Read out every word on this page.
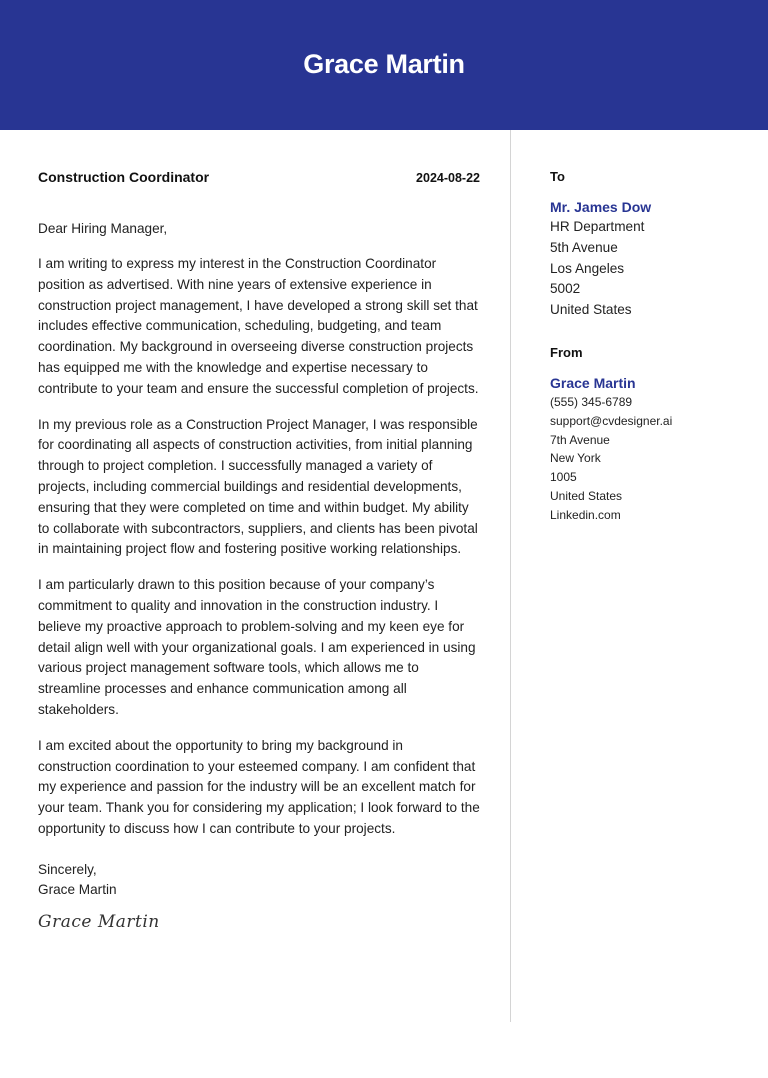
Grace Martin
Construction Coordinator	2024-08-22
Dear Hiring Manager,

I am writing to express my interest in the Construction Coordinator position as advertised. With nine years of extensive experience in construction project management, I have developed a strong skill set that includes effective communication, scheduling, budgeting, and team coordination. My background in overseeing diverse construction projects has equipped me with the knowledge and expertise necessary to contribute to your team and ensure the successful completion of projects.

In my previous role as a Construction Project Manager, I was responsible for coordinating all aspects of construction activities, from initial planning through to project completion. I successfully managed a variety of projects, including commercial buildings and residential developments, ensuring that they were completed on time and within budget. My ability to collaborate with subcontractors, suppliers, and clients has been pivotal in maintaining project flow and fostering positive working relationships.

I am particularly drawn to this position because of your company’s commitment to quality and innovation in the construction industry. I believe my proactive approach to problem-solving and my keen eye for detail align well with your organizational goals. I am experienced in using various project management software tools, which allows me to streamline processes and enhance communication among all stakeholders.

I am excited about the opportunity to bring my background in construction coordination to your esteemed company. I am confident that my experience and passion for the industry will be an excellent match for your team. Thank you for considering my application; I look forward to the opportunity to discuss how I can contribute to your projects.

Sincerely,
Grace Martin
Grace Martin
To
Mr. James Dow
HR Department
5th Avenue
Los Angeles
5002
United States
From
Grace Martin
(555) 345-6789
support@cvdesigner.ai
7th Avenue
New York
1005
United States
Linkedin.com
